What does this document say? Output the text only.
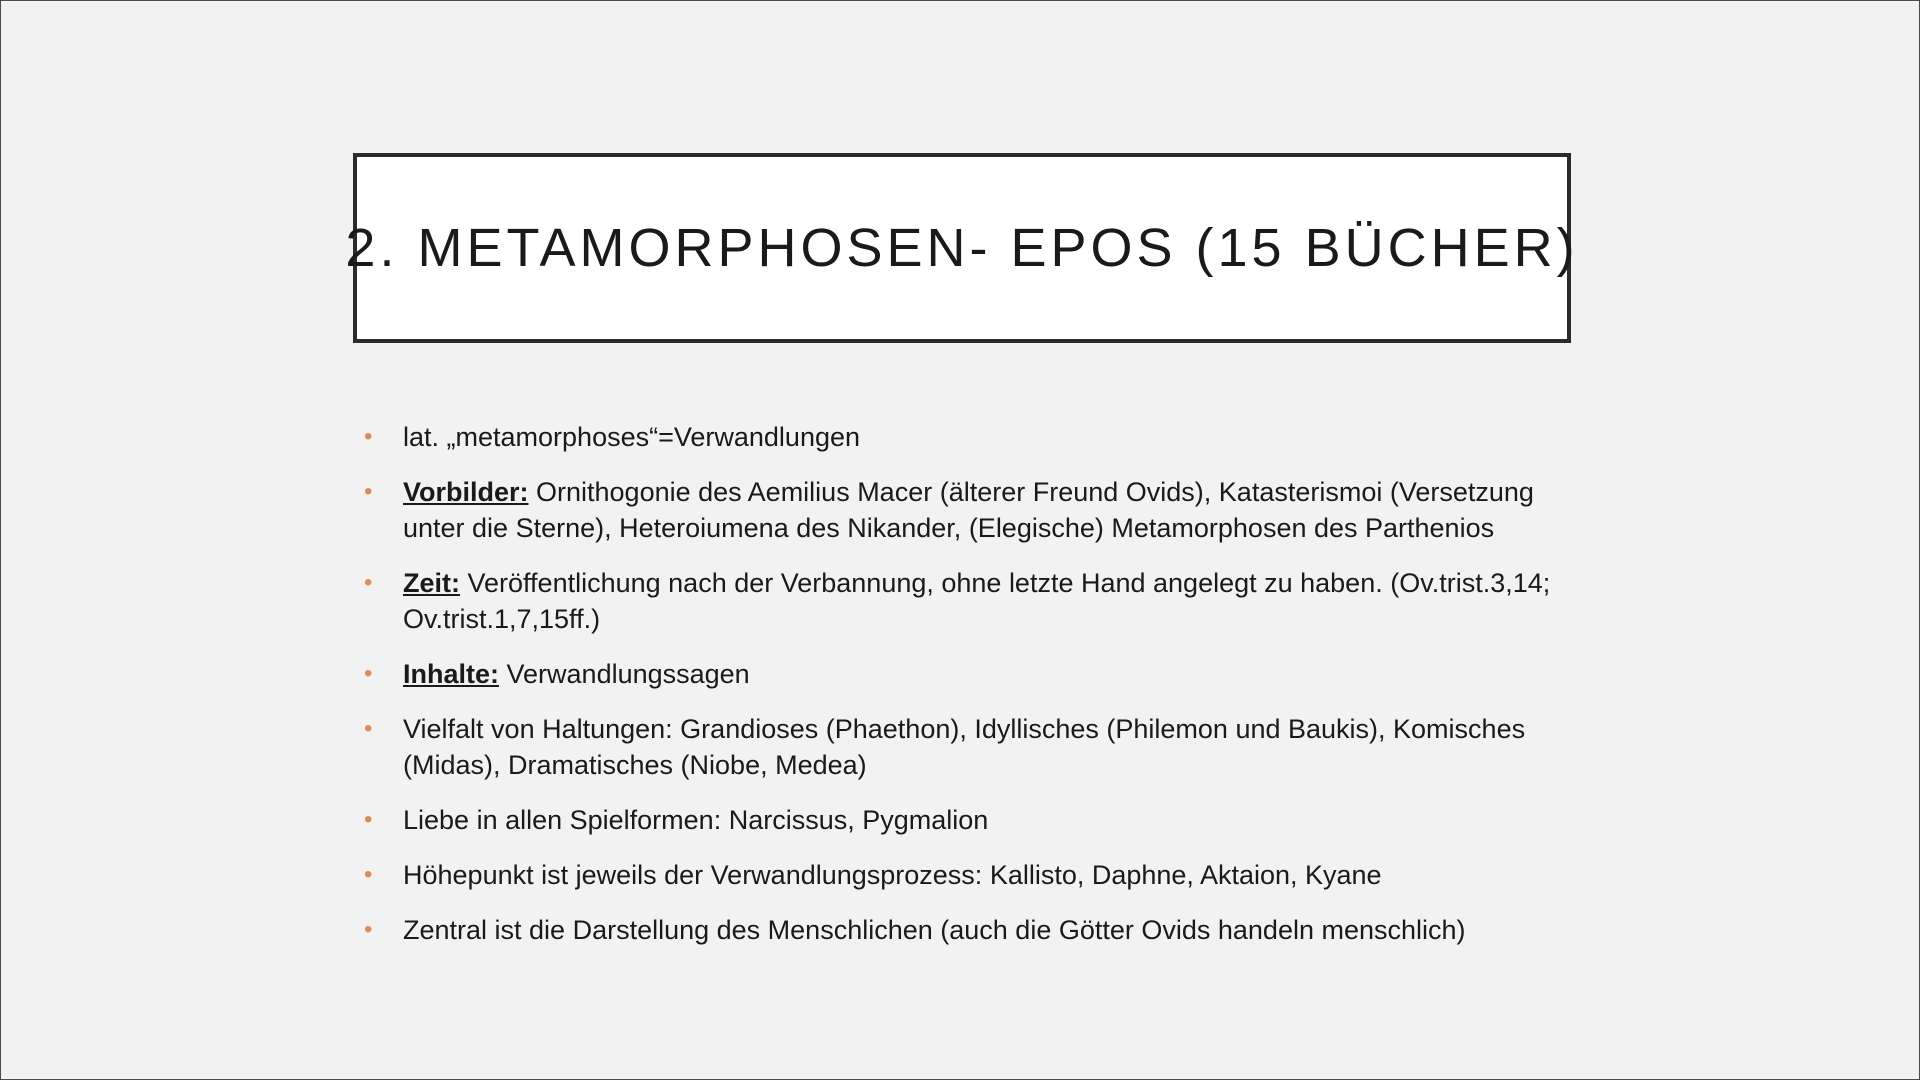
2. METAMORPHOSEN- EPOS (15 BÜCHER)
• lat. „metamorphoses“=Verwandlungen
• Vorbilder: Ornithogonie des Aemilius Macer (älterer Freund Ovids), Katasterismoi (Versetzung unter die Sterne), Heteroiumena des Nikander, (Elegische) Metamorphosen des Parthenios
• Zeit: Veröffentlichung nach der Verbannung, ohne letzte Hand angelegt zu haben. (Ov.trist.3,14; Ov.trist.1,7,15ff.)
• Inhalte: Verwandlungssagen
• Vielfalt von Haltungen: Grandioses (Phaethon), Idyllisches (Philemon und Baukis), Komisches (Midas), Dramatisches (Niobe, Medea)
• Liebe in allen Spielformen: Narcissus, Pygmalion
• Höhepunkt ist jeweils der Verwandlungsprozess: Kallisto, Daphne, Aktaion, Kyane
• Zentral ist die Darstellung des Menschlichen (auch die Götter Ovids handeln menschlich)
